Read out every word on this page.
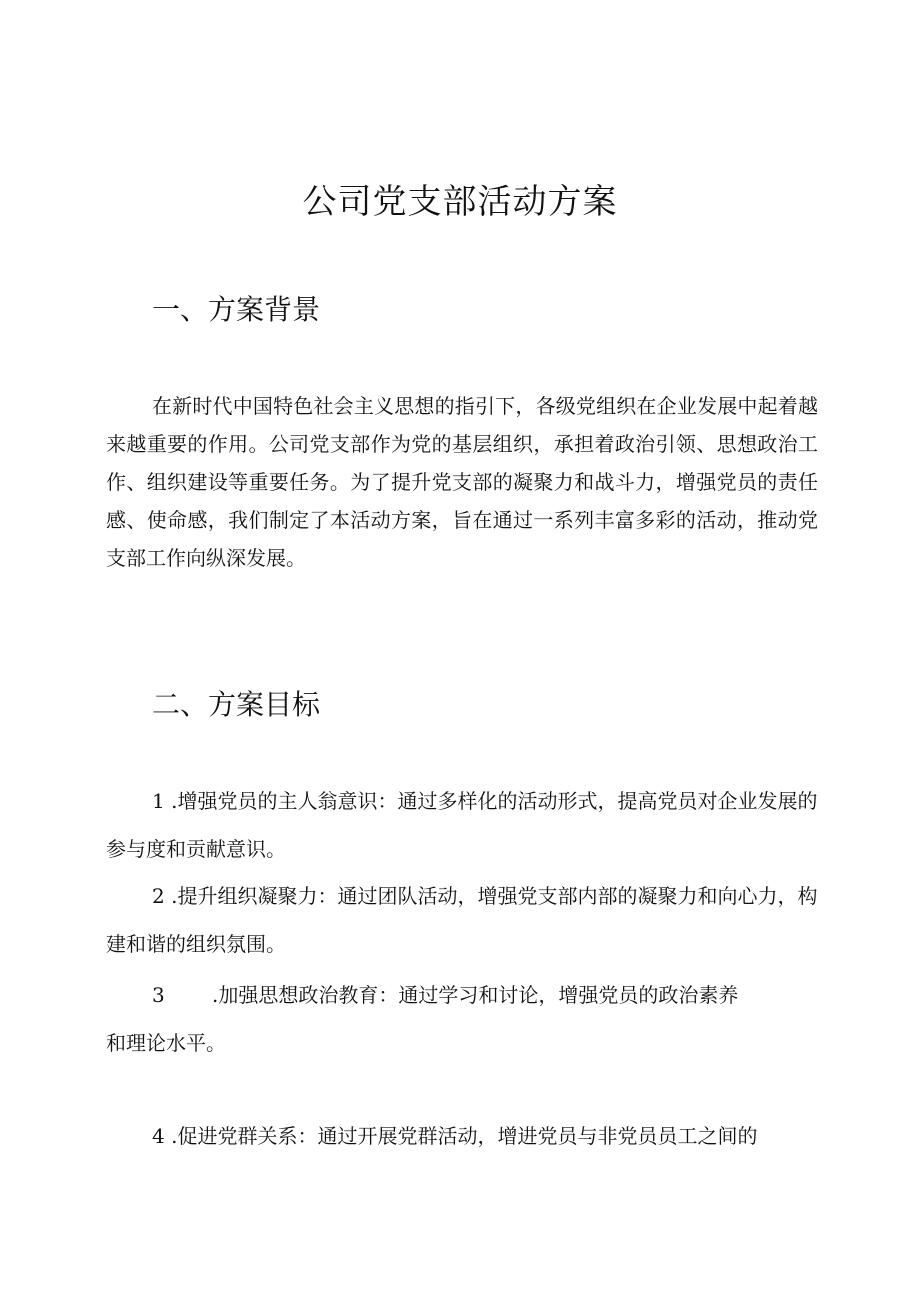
公司党支部活动方案
一、方案背景

在新时代中国特色社会主义思想的指引下，各级党组织在企业发展中起着越来越重要的作用。公司党支部作为党的基层组织，承担着政治引领、思想政治工作、组织建设等重要任务。为了提升党支部的凝聚力和战斗力，增强党员的责任感、使命感，我们制定了本活动方案，旨在通过一系列丰富多彩的活动，推动党支部工作向纵深发展。

二、方案目标

1 .增强党员的主人翁意识：通过多样化的活动形式，提高党员对企业发展的参与度和贡献意识。

2 .提升组织凝聚力：通过团队活动，增强党支部内部的凝聚力和向心力，构建和谐的组织氛围。

3 .加强思想政治教育：通过学习和讨论，增强党员的政治素养
和理论水平。

4 .促进党群关系：通过开展党群活动，增进党员与非党员员工之间的
